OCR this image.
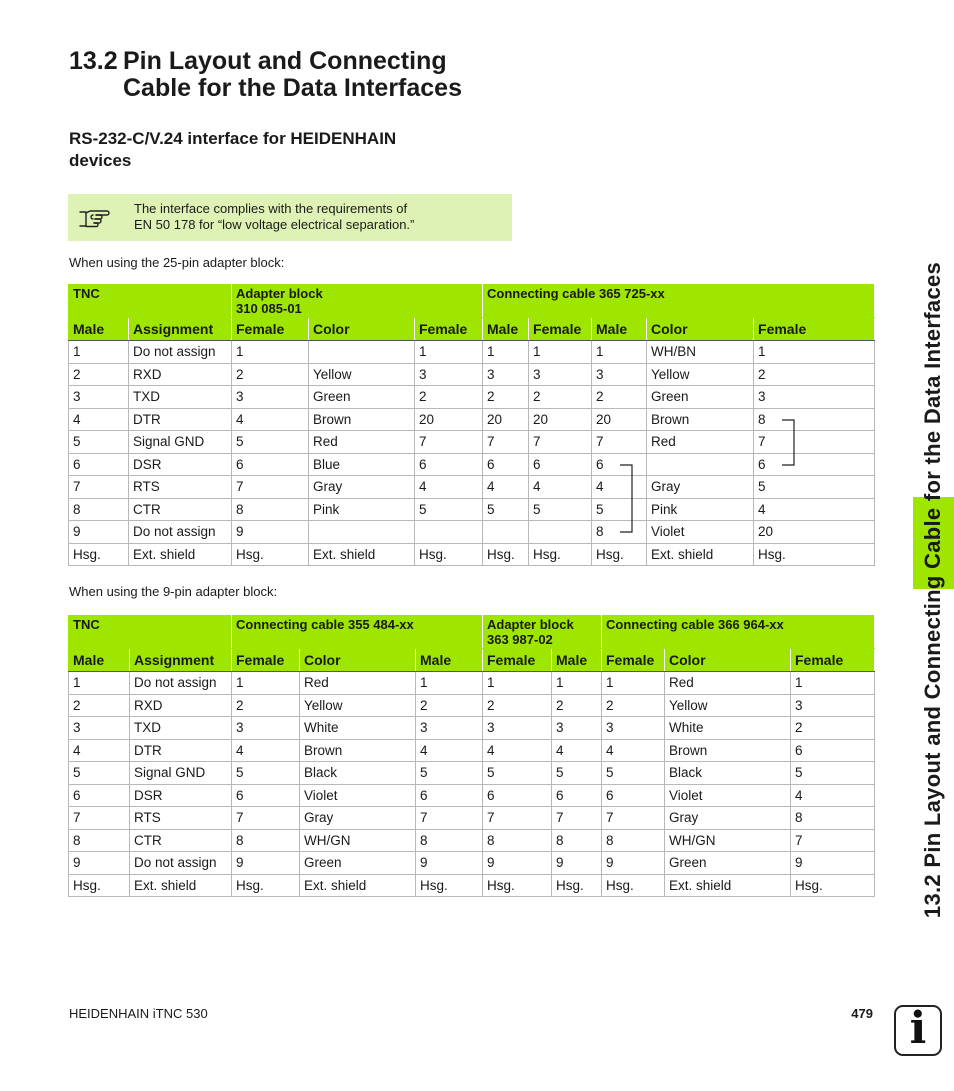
13.2 Pin Layout and Connecting Cable for the Data Interfaces
13.2 Pin Layout and Connecting
Cable for the Data Interfaces
RS-232-C/V.24 interface for HEIDENHAIN
devices
The interface complies with the requirements of
EN 50 178 for “low voltage electrical separation.”
When using the 25-pin adapter block:
TNC		Adapter block
310 085-01			Connecting cable 365 725-xx				

Male	Assignment	Female	Color	Female	Male	Female	Male	Color	Female
1	Do not assign	1		1	1	1	1	WH/BN	1
2	RXD	2	Yellow	3	3	3	3	Yellow	2
3	TXD	3	Green	2	2	2	2	Green	3
4	DTR	4	Brown	20	20	20	20	Brown	8
5	Signal GND	5	Red	7	7	7	7	Red	7
6	DSR	6	Blue	6	6	6	6		6
7	RTS	7	Gray	4	4	4	4	Gray	5
8	CTR	8	Pink	5	5	5	5	Pink	4
9	Do not assign	9					8	Violet	20
Hsg.	Ext. shield	Hsg.	Ext. shield	Hsg.	Hsg.	Hsg.	Hsg.	Ext. shield	Hsg.
When using the 9-pin adapter block:
TNC		Connecting cable 355 484-xx			Adapter block
363 987-02		Connecting cable 366 964-xx		

Male	Assignment	Female	Color	Male	Female	Male	Female	Color	Female
1	Do not assign	1	Red	1	1	1	1	Red	1
2	RXD	2	Yellow	2	2	2	2	Yellow	3
3	TXD	3	White	3	3	3	3	White	2
4	DTR	4	Brown	4	4	4	4	Brown	6
5	Signal GND	5	Black	5	5	5	5	Black	5
6	DSR	6	Violet	6	6	6	6	Violet	4
7	RTS	7	Gray	7	7	7	7	Gray	8
8	CTR	8	WH/GN	8	8	8	8	WH/GN	7
9	Do not assign	9	Green	9	9	9	9	Green	9
Hsg.	Ext. shield	Hsg.	Ext. shield	Hsg.	Hsg.	Hsg.	Hsg.	Ext. shield	Hsg.
HEIDENHAIN iTNC 530	479 i
